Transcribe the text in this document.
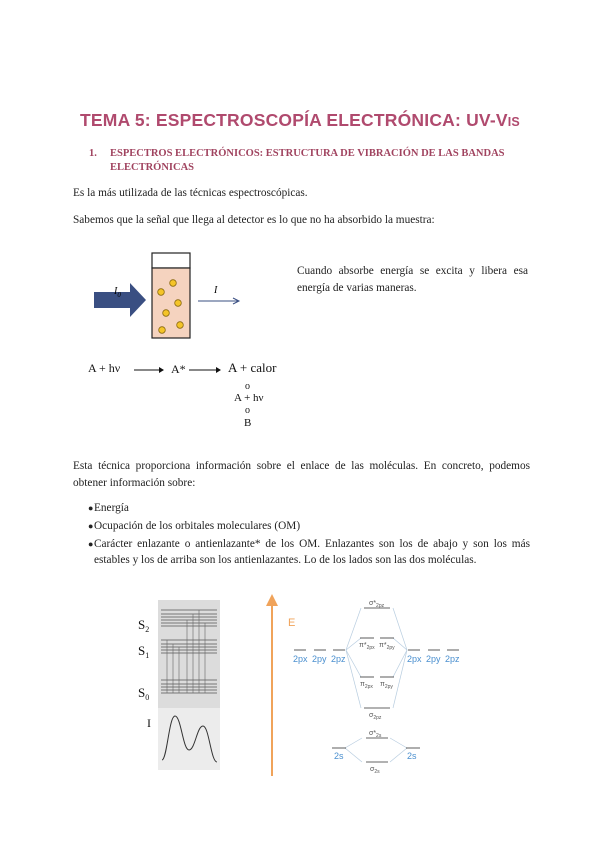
TEMA 5: ESPECTROSCOPÍA ELECTRÓNICA: UV-VIS
1.	ESPECTROS ELECTRÓNICOS: ESTRUCTURA DE VIBRACIÓN DE LAS BANDAS ELECTRÓNICAS
Es la más utilizada de las técnicas espectroscópicas.
Sabemos que la señal que llega al detector es lo que no ha absorbido la muestra:
$I_0$	I
Cuando absorbe energía se excita y libera esa energía de varias maneras.
A + hν → A* → A + calor
o
A + hν
o
B
Esta técnica proporciona información sobre el enlace de las moléculas. En concreto, podemos obtener información sobre:
● Energía
● Ocupación de los orbitales moleculares (OM)
● Carácter enlazante o antienlazante* de los OM. Enlazantes son los de abajo y son los más estables y los de arriba son los antienlazantes. Lo de los lados son las dos moléculas.
$S_2$
$S_1$
$S_0$
I
E
$\sigma*_{2pz}$
$\pi*_{2px}$ $\pi*_{2py}$
$\pi_{2px}$ $\pi_{2py}$
$\sigma_{2pz}$
$\sigma*_{2s}$
$\sigma_{2s}$
2px 2py 2pz	2px 2py 2pz
2s	2s
